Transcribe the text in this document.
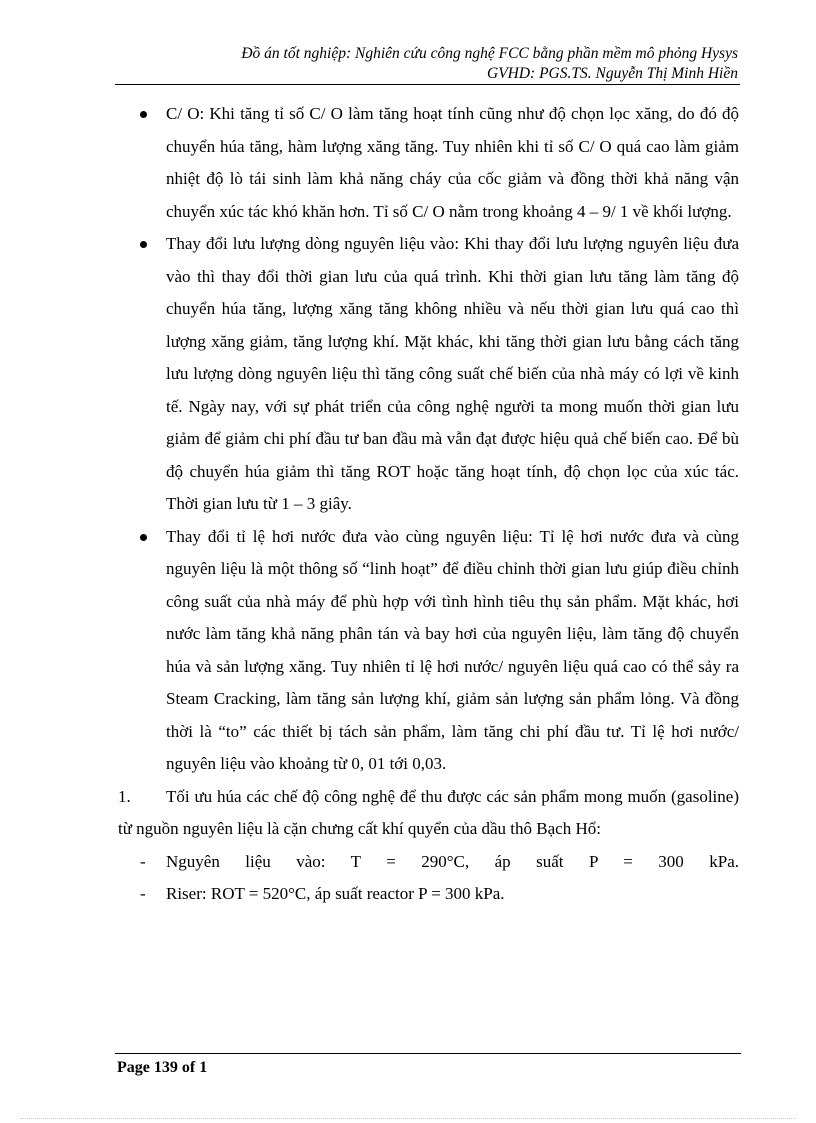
Đồ án tốt nghiệp: Nghiên cứu công nghệ FCC bằng phần mềm mô phỏng Hysys
GVHD: PGS.TS. Nguyễn Thị Minh Hiền
C/ O: Khi tăng tỉ số C/ O làm tăng hoạt tính cũng như độ chọn lọc xăng, do đó độ chuyển húa tăng, hàm lượng xăng tăng. Tuy nhiên khi tỉ số C/ O quá cao làm giảm nhiệt độ lò tái sinh làm khả năng cháy của cốc giảm và đồng thời khả năng vận chuyển xúc tác khó khăn hơn. Tỉ số C/ O nằm trong khoảng 4 – 9/ 1 về khối lượng.
Thay đổi lưu lượng dòng nguyên liệu vào: Khi thay đổi lưu lượng nguyên liệu đưa vào thì thay đổi thời gian lưu của quá trình. Khi thời gian lưu tăng làm tăng độ chuyển húa tăng, lượng xăng tăng không nhiều và nếu thời gian lưu quá cao thì lượng xăng giảm, tăng lượng khí. Mặt khác, khi tăng thời gian lưu bằng cách tăng lưu lượng dòng nguyên liệu thì tăng công suất chế biến của nhà máy có lợi về kinh tế. Ngày nay, với sự phát triển của công nghệ người ta mong muốn thời gian lưu giảm để giảm chi phí đầu tư ban đầu mà vẫn đạt được hiệu quả chế biến cao. Để bù độ chuyển húa giảm thì tăng ROT hoặc tăng hoạt tính, độ chọn lọc của xúc tác. Thời gian lưu từ 1 – 3 giây.
Thay đổi tỉ lệ hơi nước đưa vào cùng nguyên liệu: Tỉ lệ hơi nước đưa và cùng nguyên liệu là một thông số “linh hoạt” để điều chỉnh thời gian lưu giúp điều chỉnh công suất của nhà máy để phù hợp với tình hình tiêu thụ sản phẩm. Mặt khác, hơi nước làm tăng khả năng phân tán và bay hơi của nguyên liệu, làm tăng độ chuyển húa và sản lượng xăng. Tuy nhiên tỉ lệ hơi nước/ nguyên liệu quá cao có thể sảy ra Steam Cracking, làm tăng sản lượng khí, giảm sản lượng sản phẩm lỏng. Và đồng thời là “to” các thiết bị tách sản phẩm, làm tăng chi phí đầu tư. Tỉ lệ hơi nước/ nguyên liệu vào khoảng từ 0, 01 tới 0,03.
1. Tối ưu húa các chế độ công nghệ để thu được các sản phẩm mong muốn (gasoline) từ nguồn nguyên liệu là cặn chưng cất khí quyển của dầu thô Bạch Hổ:
- Nguyên liệu vào: T = 290°C, áp suất P = 300 kPa.
- Riser: ROT = 520°C, áp suất reactor P = 300 kPa.
Page 139 of 1
